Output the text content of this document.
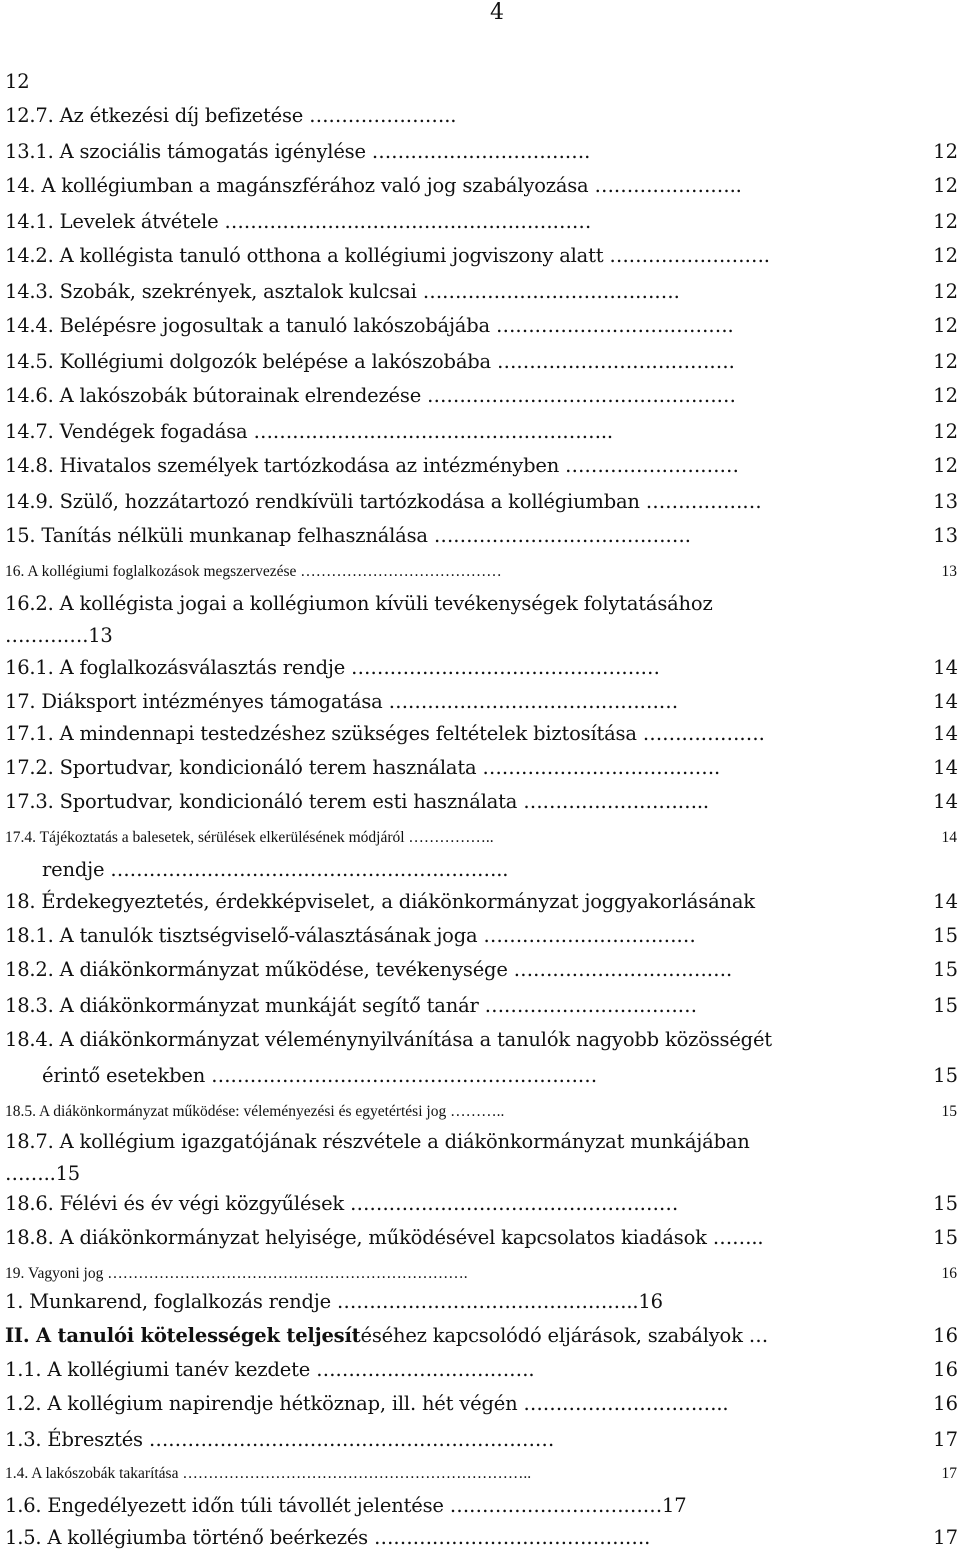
4
12
12.7. Az étkezési díj befizetése …………………..
13.1. A szociális támogatás igénylése …………………………….	12
14. A kollégiumban a magánszférához való jog szabályozása …………………..	12
14.1. Levelek átvétele …………………………………………………	12
14.2. A kollégista tanuló otthona a kollégiumi jogviszony alatt …………………….	12
14.3. Szobák, szekrények, asztalok kulcsai ………………………………….	12
14.4. Belépésre jogosultak a tanuló lakószobájába ……………………………….	12
14.5. Kollégiumi dolgozók belépése a lakószobába ……………………………….	12
14.6. A lakószobák bútorainak elrendezése …………………………………………	12
14.7. Vendégek fogadása ………………………………………………..	12
14.8. Hivatalos személyek tartózkodása az intézményben ………………………	12
14.9. Szülő, hozzátartozó rendkívüli tartózkodása a kollégiumban ………………	13
15. Tanítás nélküli munkanap felhasználása ………………………………….	13
16. A kollégiumi foglalkozások megszervezése …………………………………	13
16.2. A kollégista jogai a kollégiumon kívüli tevékenységek folytatásához
………….13
16.1. A foglalkozásválasztás rendje …………………………………………	14
17. Diáksport intézményes támogatása ………………………………………	14
17.1. A mindennapi testedzéshez szükséges feltételek biztosítása ……………….	14
17.2. Sportudvar, kondicionáló terem használata ……………………………….	14
17.3. Sportudvar, kondicionáló terem esti használata ………………………..	14
17.4. Tájékoztatás a balesetek, sérülések elkerülésének módjáról ……………..	14
rendje ……………………………………………………..
18. Érdekegyeztetés, érdekképviselet, a diákönkormányzat joggyakorlásának	14
18.1. A tanulók tisztségviselő-választásának joga ……………………………	15
18.2. A diákönkormányzat működése, tevékenysége …………………………….	15
18.3. A diákönkormányzat munkáját segítő tanár ……………………………	15
18.4. A diákönkormányzat véleménynyilvánítása a tanulók nagyobb közösségét
érintő esetekben ……………………………………………………	15
18.5. A diákönkormányzat működése: véleményezési és egyetértési jog ………..	15
18.7. A kollégium igazgatójának részvétele a diákönkormányzat munkájában
……..15
18.6. Félévi és év végi közgyűlések ……………………………………………	15
18.8. A diákönkormányzat helyisége, működésével kapcsolatos kiadások ……..	15
19. Vagyoni jog …………………………………………………………….	16
1. Munkarend, foglalkozás rendje ………………………………………..16
II. A tanulói kötelességek teljesítéséhez kapcsolódó eljárások, szabályok …	16
1.1. A kollégiumi tanév kezdete …………………………….	16
1.2. A kollégium napirendje hétköznap, ill. hét végén …………………………..	16
1.3. Ébresztés ………………………………………………………	17
1.4. A lakószobák takarítása …………………………………………………………..	17
1.6. Engedélyezett időn túli távollét jelentése ……………………………17
1.5. A kollégiumba történő beérkezés …………………………………….	17
